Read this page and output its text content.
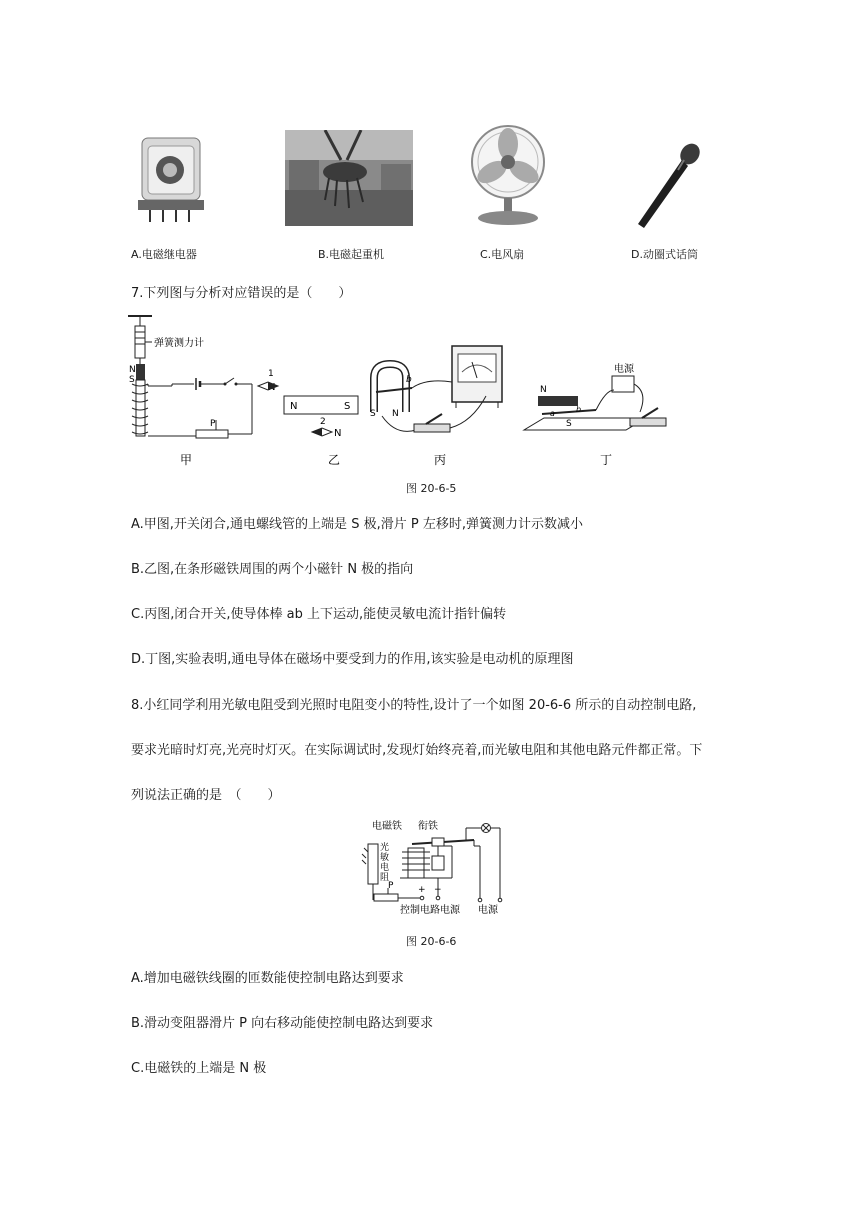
A.电磁继电器	B.电磁起重机	C.电风扇	D.动圈式话筒
7.下列图与分析对应错误的是（　　）
弹簧测力计
N
S
P
甲
1
N	S
2
N
乙
S N
b
丙
电源
N
S
a	b
丁
图 20-6-5
A.甲图,开关闭合,通电螺线管的上端是 S 极,滑片 P 左移时,弹簧测力计示数减小
B.乙图,在条形磁铁周围的两个小磁针 N 极的指向
C.丙图,闭合开关,使导体棒 ab 上下运动,能使灵敏电流计指针偏转
D.丁图,实验表明,通电导体在磁场中要受到力的作用,该实验是电动机的原理图
8.小红同学利用光敏电阻受到光照时电阻变小的特性,设计了一个如图 20-6-6 所示的自动控制电路,
要求光暗时灯亮,光亮时灯灭。在实际调试时,发现灯始终亮着,而光敏电阻和其他电路元件都正常。下
列说法正确的是　（　　）
电磁铁 衔铁
光
敏
电
阻
P	+ −
控制电路电源 电源
图 20-6-6
A.增加电磁铁线圈的匝数能使控制电路达到要求
B.滑动变阻器滑片 P 向右移动能使控制电路达到要求
C.电磁铁的上端是 N 极
